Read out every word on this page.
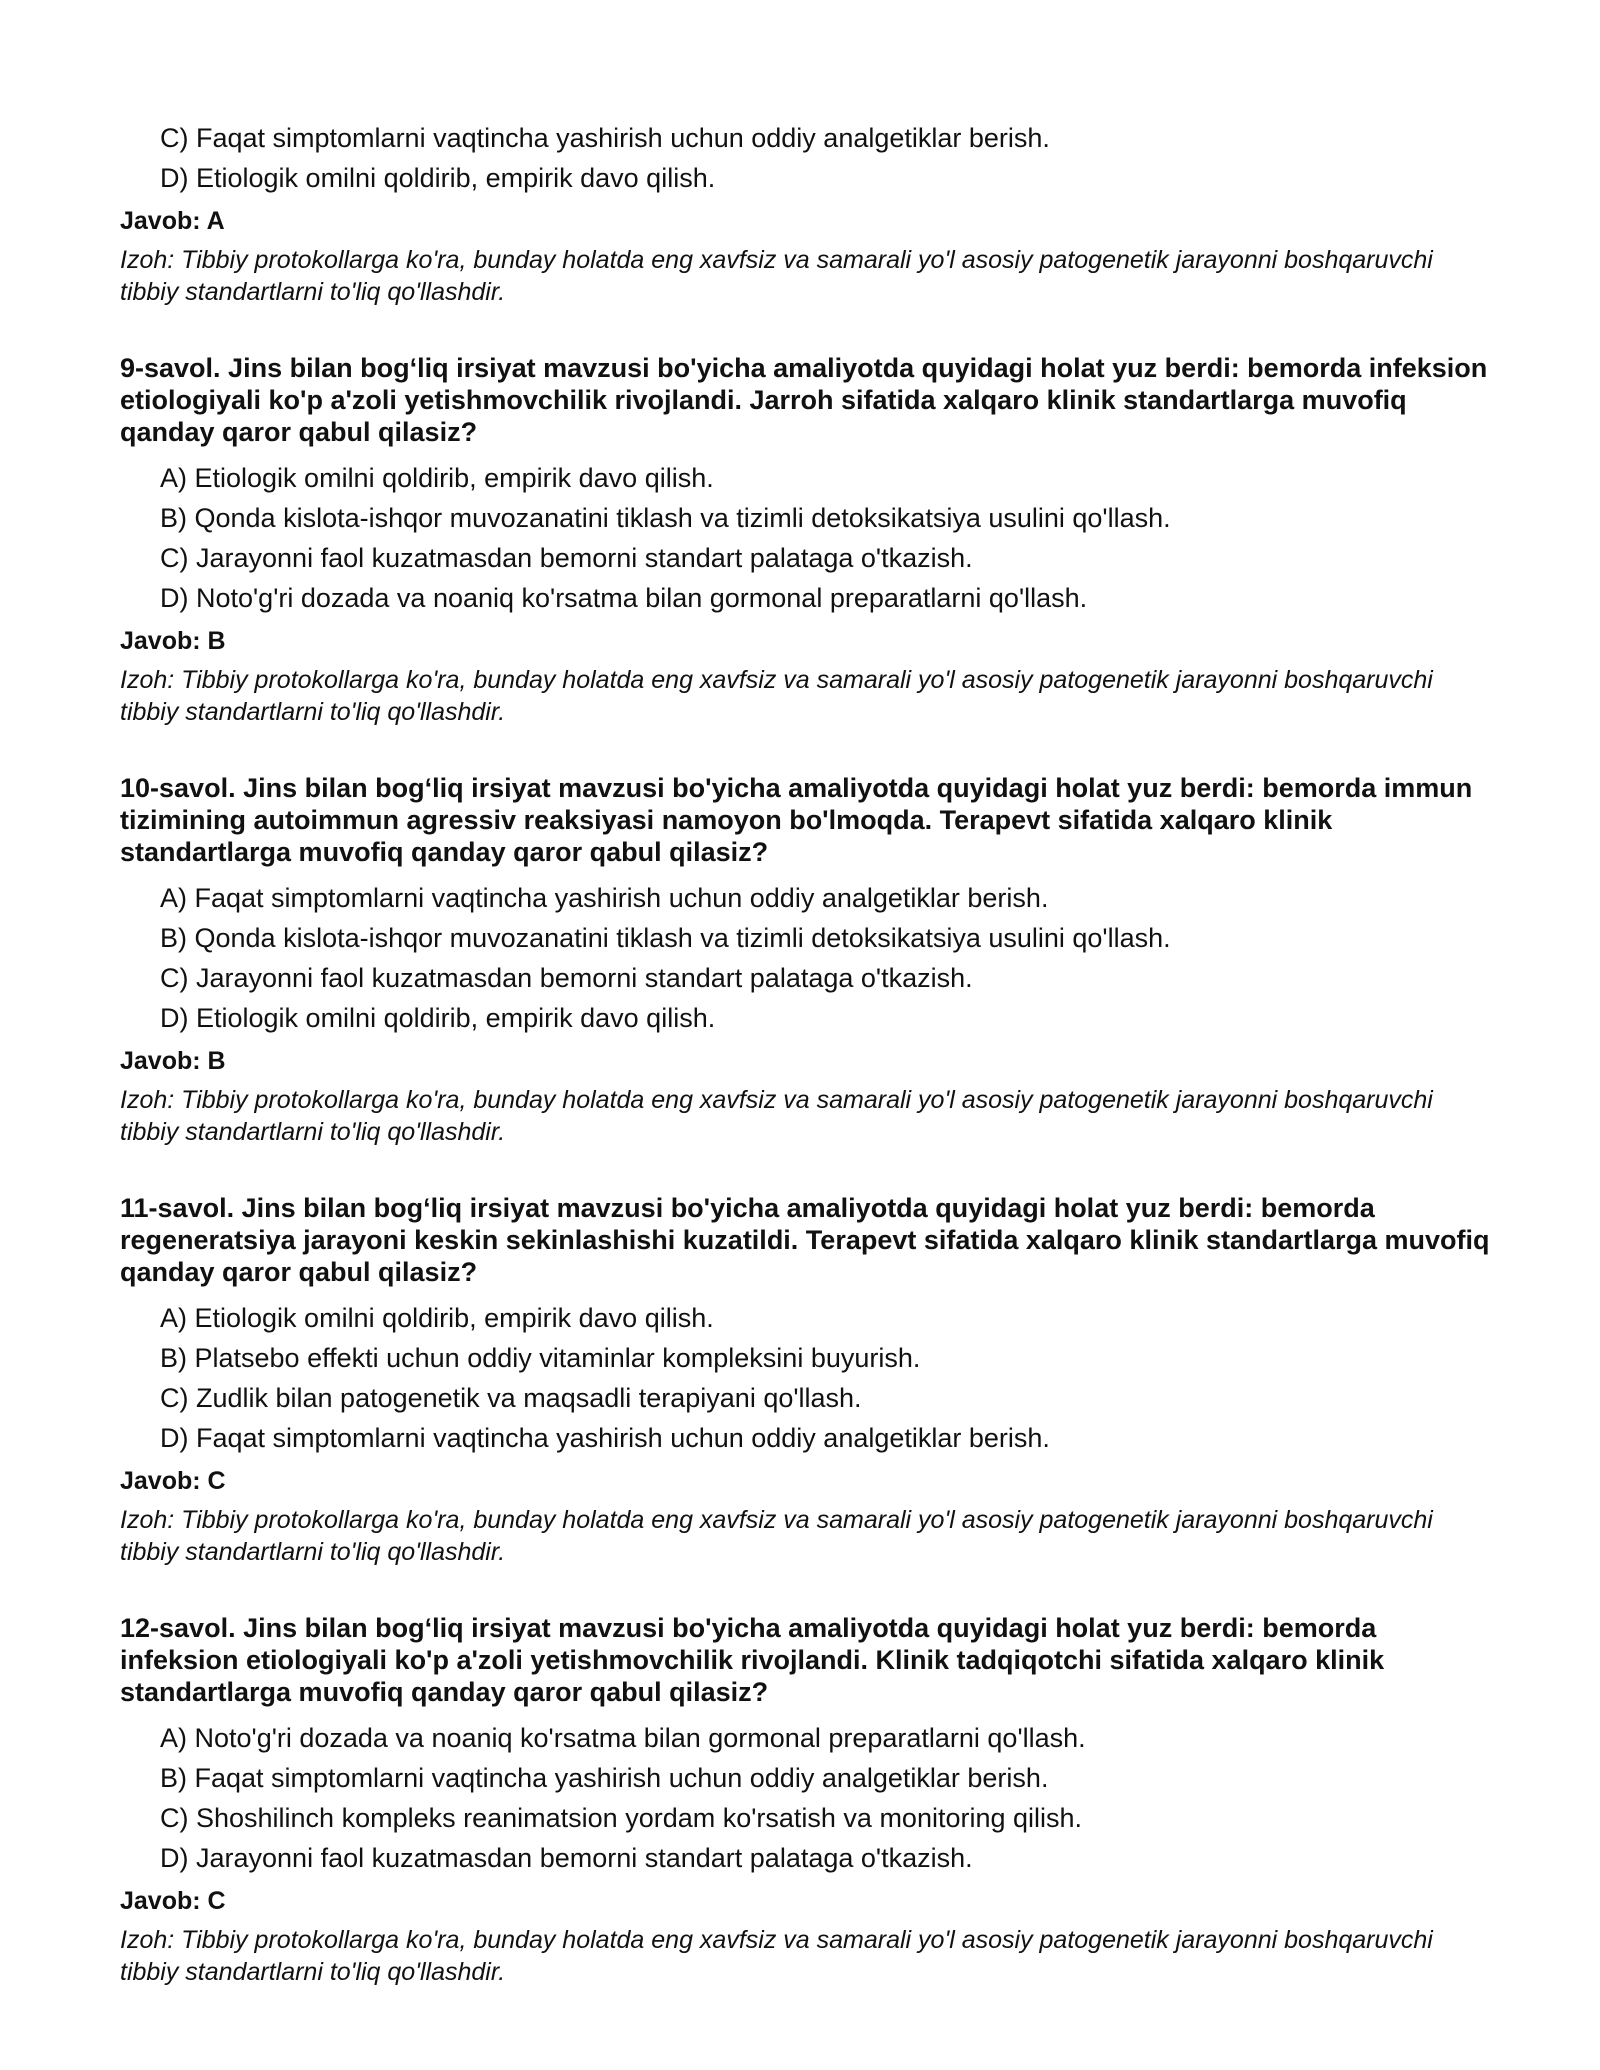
C) Faqat simptomlarni vaqtincha yashirish uchun oddiy analgetiklar berish.
D) Etiologik omilni qoldirib, empirik davo qilish.
Javob: A
Izoh: Tibbiy protokollarga ko'ra, bunday holatda eng xavfsiz va samarali yo'l asosiy patogenetik jarayonni boshqaruvchi tibbiy standartlarni to'liq qo'llashdir.
9-savol. Jins bilan bog‘liq irsiyat mavzusi bo'yicha amaliyotda quyidagi holat yuz berdi: bemorda infeksion etiologiyali ko'p a'zoli yetishmovchilik rivojlandi. Jarroh sifatida xalqaro klinik standartlarga muvofiq qanday qaror qabul qilasiz?
A) Etiologik omilni qoldirib, empirik davo qilish.
B) Qonda kislota-ishqor muvozanatini tiklash va tizimli detoksikatsiya usulini qo'llash.
C) Jarayonni faol kuzatmasdan bemorni standart palataga o'tkazish.
D) Noto'g'ri dozada va noaniq ko'rsatma bilan gormonal preparatlarni qo'llash.
Javob: B
Izoh: Tibbiy protokollarga ko'ra, bunday holatda eng xavfsiz va samarali yo'l asosiy patogenetik jarayonni boshqaruvchi tibbiy standartlarni to'liq qo'llashdir.
10-savol. Jins bilan bog‘liq irsiyat mavzusi bo'yicha amaliyotda quyidagi holat yuz berdi: bemorda immun tizimining autoimmun agressiv reaksiyasi namoyon bo'lmoqda. Terapevt sifatida xalqaro klinik standartlarga muvofiq qanday qaror qabul qilasiz?
A) Faqat simptomlarni vaqtincha yashirish uchun oddiy analgetiklar berish.
B) Qonda kislota-ishqor muvozanatini tiklash va tizimli detoksikatsiya usulini qo'llash.
C) Jarayonni faol kuzatmasdan bemorni standart palataga o'tkazish.
D) Etiologik omilni qoldirib, empirik davo qilish.
Javob: B
Izoh: Tibbiy protokollarga ko'ra, bunday holatda eng xavfsiz va samarali yo'l asosiy patogenetik jarayonni boshqaruvchi tibbiy standartlarni to'liq qo'llashdir.
11-savol. Jins bilan bog‘liq irsiyat mavzusi bo'yicha amaliyotda quyidagi holat yuz berdi: bemorda regeneratsiya jarayoni keskin sekinlashishi kuzatildi. Terapevt sifatida xalqaro klinik standartlarga muvofiq qanday qaror qabul qilasiz?
A) Etiologik omilni qoldirib, empirik davo qilish.
B) Platsebo effekti uchun oddiy vitaminlar kompleksini buyurish.
C) Zudlik bilan patogenetik va maqsadli terapiyani qo'llash.
D) Faqat simptomlarni vaqtincha yashirish uchun oddiy analgetiklar berish.
Javob: C
Izoh: Tibbiy protokollarga ko'ra, bunday holatda eng xavfsiz va samarali yo'l asosiy patogenetik jarayonni boshqaruvchi tibbiy standartlarni to'liq qo'llashdir.
12-savol. Jins bilan bog‘liq irsiyat mavzusi bo'yicha amaliyotda quyidagi holat yuz berdi: bemorda infeksion etiologiyali ko'p a'zoli yetishmovchilik rivojlandi. Klinik tadqiqotchi sifatida xalqaro klinik standartlarga muvofiq qanday qaror qabul qilasiz?
A) Noto'g'ri dozada va noaniq ko'rsatma bilan gormonal preparatlarni qo'llash.
B) Faqat simptomlarni vaqtincha yashirish uchun oddiy analgetiklar berish.
C) Shoshilinch kompleks reanimatsion yordam ko'rsatish va monitoring qilish.
D) Jarayonni faol kuzatmasdan bemorni standart palataga o'tkazish.
Javob: C
Izoh: Tibbiy protokollarga ko'ra, bunday holatda eng xavfsiz va samarali yo'l asosiy patogenetik jarayonni boshqaruvchi tibbiy standartlarni to'liq qo'llashdir.
